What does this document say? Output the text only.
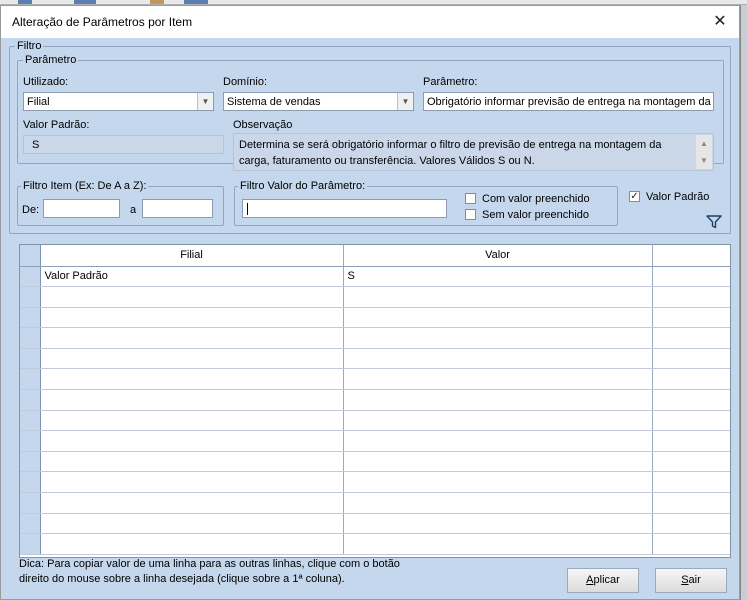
Alteração de Parâmetros por Item	✕
Filtro
Parâmetro
Utilizado:
Filial	▼
Domínio:
Sistema de vendas	▼
Parâmetro:
Obrigatório informar previsão de entrega na montagem da
Valor Padrão:
S
Observação
Determina se será obrigatório informar o filtro de previsão de entrega na montagem da carga, faturamento ou transferência. Valores Válidos S ou N.
▲
▼
Filtro Item (Ex: De A a Z):
De:	a
Filtro Valor do Parâmetro:
Com valor preenchido
Sem valor preenchido
✓ Valor Padrão
	Filial	Valor	
	Valor Padrão	S	

Dica: Para copiar valor de uma linha para as outras linhas, clique com o botão
direito do mouse sobre a linha desejada (clique sobre a 1ª coluna).	Aplicar	Sair
